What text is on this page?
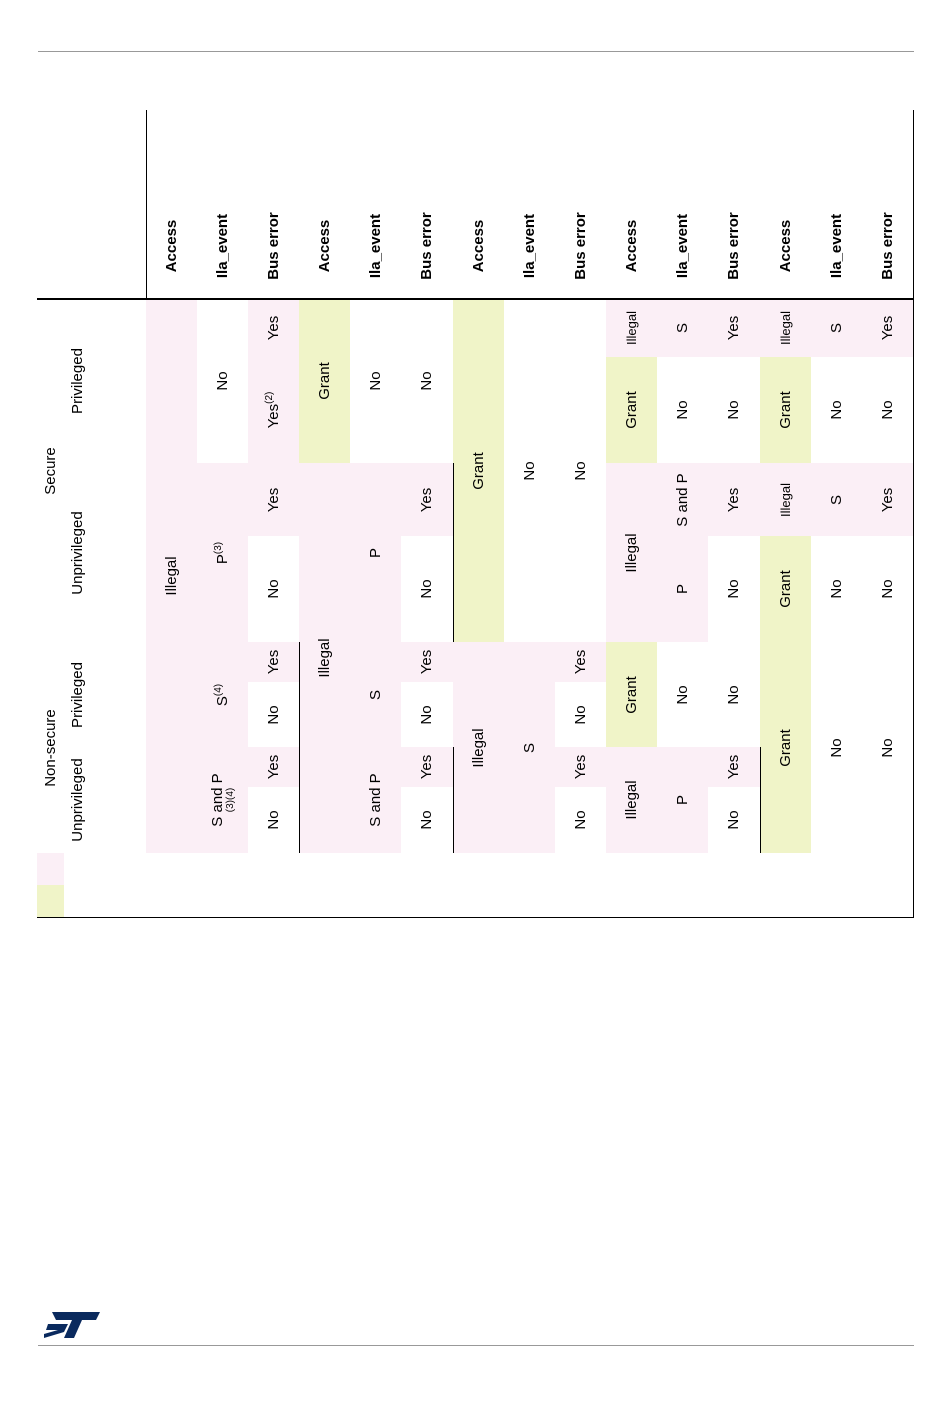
Access Ila_event Bus error Access Ila_event Bus error Access Ila_event Bus error Access Ila_event Bus error Access Ila_event Bus error
Secure
Privileged
Unprivileged
Non-secure
Privileged
Unprivileged
Illegal
No
Yes
Yes$^{(2)}$	Grant No No
Grant No No
Illegal S Yes
Grant No No
Illegal S Yes
Grant No No
$P^{(3)}$
Yes
No
Illegal
P
Yes
No
Illegal
S and P Yes
P No
Illegal S Yes
Grant No No
$S^{(4)}$
Yes
No
S
Yes
No
Illegal S
Yes
No
Grant No No
Grant No No
S and P
(3)(4)
Yes
No	S and P
Yes
No
Yes
No
Illegal P
Yes
No
